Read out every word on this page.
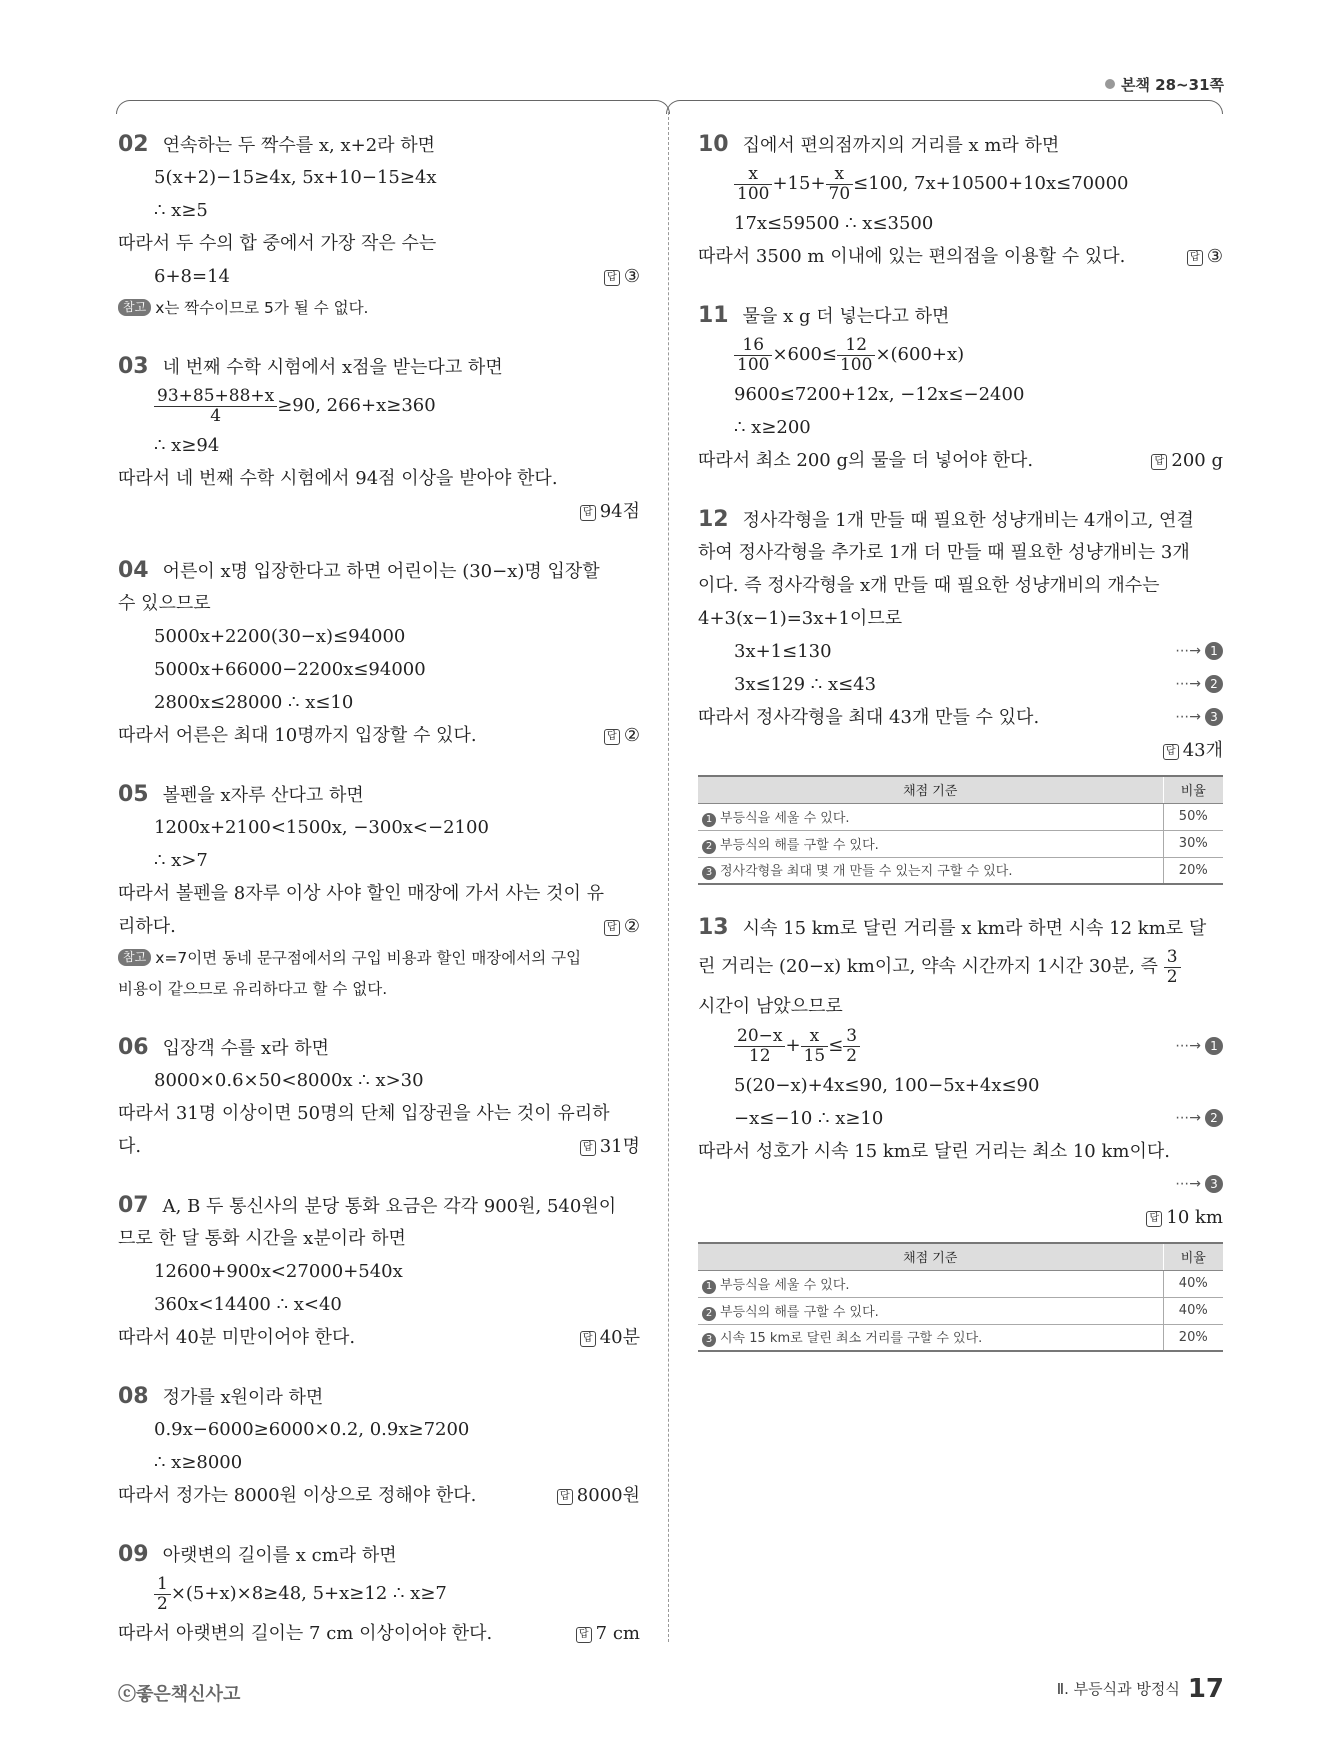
본책 28~31쪽
02 연속하는 두 짝수를 x, x+2라 하면
5(x+2)−15≥4x, 5x+10−15≥4x
∴ x≥5
따라서 두 수의 합 중에서 가장 작은 수는
6+8=14	답 ③
참고 x는 짝수이므로 5가 될 수 없다.
03 네 번째 수학 시험에서 x점을 받는다고 하면
$\frac{93+85+88+x}{4} \ge 90$, 266+x≥360
∴ x≥94
따라서 네 번째 수학 시험에서 94점 이상을 받아야 한다.
답 94점
04 어른이 x명 입장한다고 하면 어린이는 (30−x)명 입장할
수 있으므로
5000x+2200(30−x)≤94000
5000x+66000−2200x≤94000
2800x≤28000 ∴ x≤10
따라서 어른은 최대 10명까지 입장할 수 있다.	답 ②
05 볼펜을 x자루 산다고 하면
1200x+2100<1500x, −300x<−2100
∴ x>7
따라서 볼펜을 8자루 이상 사야 할인 매장에 가서 사는 것이 유
리하다.	답 ②
참고 x=7이면 동네 문구점에서의 구입 비용과 할인 매장에서의 구입
비용이 같으므로 유리하다고 할 수 없다.
06 입장객 수를 x라 하면
8000×0.6×50<8000x ∴ x>30
따라서 31명 이상이면 50명의 단체 입장권을 사는 것이 유리하
다.	답 31명
07 A, B 두 통신사의 분당 통화 요금은 각각 900원, 540원이
므로 한 달 통화 시간을 x분이라 하면
12600+900x<27000+540x
360x<14400 ∴ x<40
따라서 40분 미만이어야 한다.	답 40분
08 정가를 x원이라 하면
0.9x−6000≥6000×0.2, 0.9x≥7200
∴ x≥8000
따라서 정가는 8000원 이상으로 정해야 한다.	답 8000원
09 아랫변의 길이를 x cm라 하면
$\frac{1}{2} \times(5+x)\times 8\ge 48$, 5+x≥12 ∴ x≥7
따라서 아랫변의 길이는 7 cm 이상이어야 한다.	답 7 cm
10 집에서 편의점까지의 거리를 x m라 하면
$\frac{x}{100} +15+ \frac{x}{70} \le 100$, 7x+10500+10x≤70000
17x≤59500 ∴ x≤3500
따라서 3500 m 이내에 있는 편의점을 이용할 수 있다.	답 ③
11 물을 x g 더 넣는다고 하면
$\frac{16}{100} \times 600\le \frac{12}{100} \times(600+x)$
9600≤7200+12x, −12x≤−2400
∴ x≥200
따라서 최소 200 g의 물을 더 넣어야 한다.	답 200 g
12 정사각형을 1개 만들 때 필요한 성냥개비는 4개이고, 연결
하여 정사각형을 추가로 1개 더 만들 때 필요한 성냥개비는 3개
이다. 즉 정사각형을 x개 만들 때 필요한 성냥개비의 개수는
4+3(x−1)=3x+1이므로
3x+1≤130	⋯→ 1
3x≤129 ∴ x≤43	⋯→ 2
따라서 정사각형을 최대 43개 만들 수 있다.	⋯→ 3
답 43개
채점 기준	비율
1 부등식을 세울 수 있다.	50%
2 부등식의 해를 구할 수 있다.	30%
3 정사각형을 최대 몇 개 만들 수 있는지 구할 수 있다.	20%
13 시속 15 km로 달린 거리를 x km라 하면 시속 12 km로 달
린 거리는 (20−x) km이고, 약속 시간까지 1시간 30분, 즉 $\frac{3}{2}$
시간이 남았으므로
$\frac{20-x}{12} + \frac{x}{15} \le \frac{3}{2}$	⋯→ 1
5(20−x)+4x≤90, 100−5x+4x≤90
−x≤−10 ∴ x≥10	⋯→ 2
따라서 성호가 시속 15 km로 달린 거리는 최소 10 km이다.
⋯→ 3
답 10 km
채점 기준	비율
1 부등식을 세울 수 있다.	40%
2 부등식의 해를 구할 수 있다.	40%
3 시속 15 km로 달린 최소 거리를 구할 수 있다.	20%
ⓒ좋은책신사고	Ⅱ. 부등식과 방정식 17
